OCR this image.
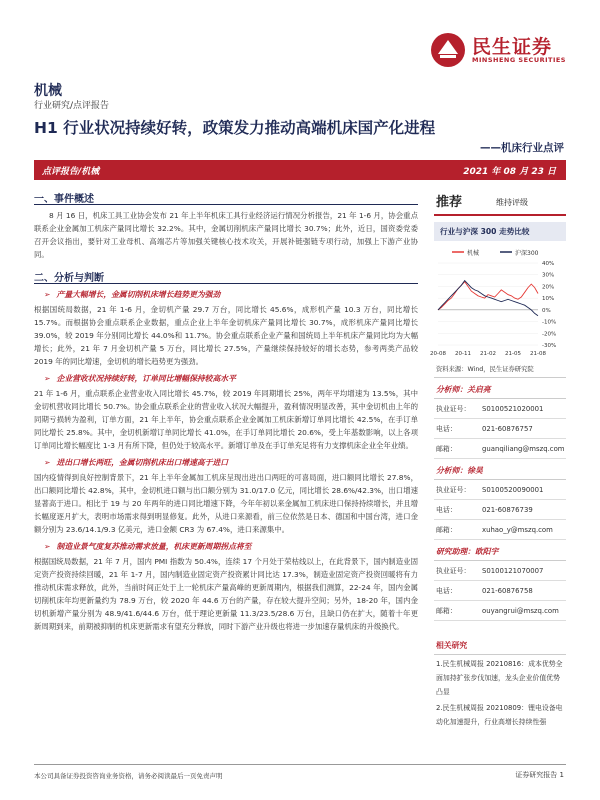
民生证券
MINSHENG SECURITIES
机械
行业研究/点评报告
H1 行业状况持续好转，政策发力推动高端机床国产化进程
——机床行业点评
点评报告/机械	2021 年 08 月 23 日
一、事件概述
8 月 16 日，机床工具工业协会发布 21 年上半年机床工具行业经济运行情况分析报告，21 年 1-6 月，协会重点联系企业金属加工机床产量同比增长 32.2%。其中，金属切削机床产量同比增长 30.7%；此外，近日，国资委党委召开会议指出，要针对工业母机、高端芯片等加强关键核心技术攻关，开展补链强链专项行动，加强上下游产业协同。
二、分析与判断
➢ 产量大幅增长，金属切削机床增长趋势更为强劲
根据国统局数据，21 年 1-6 月，金切机产量 29.7 万台，同比增长 45.6%，成形机产量 10.3 万台，同比增长 15.7%。而根据协会重点联系企业数据，重点企业上半年金切机床产量同比增长 30.7%，成形机床产量同比增长 39.0%，较 2019 年分别同比增长 44.0%和 11.7%。协会重点联系企业产量和国统局上半年机床产量同比均为大幅增长；此外，21 年 7 月金切机产量 5 万台，同比增长 27.5%，产量继续保持较好的增长态势，参考两类产品较 2019 年的同比增速，金切机的增长趋势更为强劲。
➢ 企业营收状况持续好转，订单同比增幅保持较高水平
21 年 1-6 月，重点联系企业营业收入同比增长 45.7%，较 2019 年同期增长 25%，两年平均增速为 13.5%，其中金切机营收同比增长 50.7%。协会重点联系企业的营业收入状况大幅提升，盈利情况明显改善，其中金切机由上年的同期亏损转为盈利，订单方面，21 年上半年，协会重点联系企业金属加工机床新增订单同比增长 42.5%，在手订单同比增长 25.8%。其中，金切机新增订单同比增长 41.0%，在手订单同比增长 20.6%，受上年基数影响，以上各项订单同比增长幅度比 1-3 月有所下降，但仍处于较高水平。新增订单及在手订单充足将有力支撑机床企业全年业绩。
➢ 进出口增长两旺，金属切削机床出口增速高于进口
国内疫情得到良好控制背景下，21 年上半年金属加工机床呈现出进出口两旺的可喜局面，进口额同比增长 27.8%，出口额同比增长 42.8%，其中，金切机进口额与出口额分别为 31.0/17.0 亿元，同比增长 28.6%/42.3%，出口增速显著高于进口。相比于 19 与 20 年两年的进口同比增速下降，今年年初以来金属加工机床进口保持持续增长，并且增长幅度逐月扩大，表明市场需求得到明显修复。此外，从进口来源看，前三位依然是日本、德国和中国台湾，进口金额分别为 23.6/14.1/9.3 亿美元，进口金额 CR3 为 67.4%，进口来源集中。
➢ 制造业景气度复苏推动需求放量，机床更新周期拐点将至
根据国统局数据，21 年 7 月，国内 PMI 指数为 50.4%，连续 17 个月处于荣枯线以上，在此背景下，国内制造业固定资产投资持续回暖，21 年 1-7 月，国内制造业固定资产投资累计同比达 17.3%，制造业固定资产投资回暖将有力推动机床需求释放，此外，当前时间正处于上一轮机床产量高峰的更新周期内，根据我们测算，22-24 年，国内金属切削机床年均更新量约为 78.9 万台，较 2020 年 44.6 万台的产量，存在较大提升空间；另外，18-20 年，国内金切机新增产量分别为 48.9/41.6/44.6 万台，低于理论更新量 11.3/23.5/28.6 万台，且缺口仍在扩大，随着十年更新周期到来，前期被抑制的机床更新需求有望充分释放，同时下游产业升级也将进一步加速存量机床的升级换代。
推荐	维持评级
行业与沪深 300 走势比较
机械	沪深300
40%
30%
20%
10%
0%
-10%
-20%
-30%
20-08 20-11 21-02 21-05 21-08
资料来源：Wind，民生证券研究院
分析师：关启亮
执业证号： S0100521020001
电话：	021-60876757
邮箱：	guanqiliang@mszq.com
分析师：徐昊
执业证号： S0100520090001
电话：	021-60876739
邮箱：	xuhao_y@mszq.com
研究助理：欧阳宇
执业证号： S0100121070007
电话：	021-60876758
邮箱：	ouyangrui@mszq.com
相关研究
1.民生机械周报 20210816：成本优势全面加持扩张步伐加速，龙头企业价值优势凸显
2.民生机械周报 20210809：锂电设备电动化加速提升，行业高增长持续性强
本公司具备证券投资咨询业务资格，请务必阅读最后一页免责声明	证券研究报告 1
